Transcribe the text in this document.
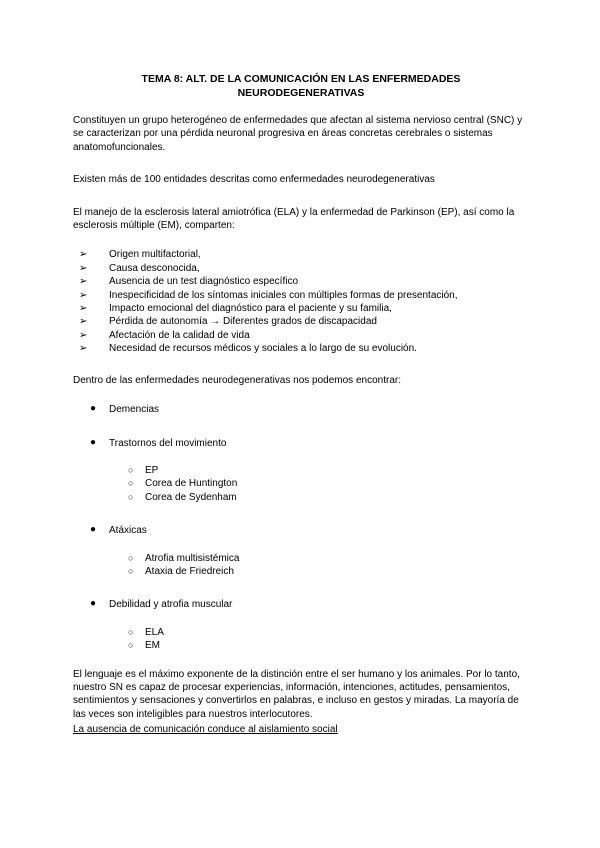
TEMA 8: ALT. DE LA COMUNICACIÓN EN LAS ENFERMEDADES
NEURODEGENERATIVAS

Constituyen un grupo heterogéneo de enfermedades que afectan al sistema nervioso central (SNC) y se caracterizan por una pérdida neuronal progresiva en áreas concretas cerebrales o sistemas anatomofuncionales.

Existen más de 100 entidades descritas como enfermedades neurodegenerativas

El manejo de la esclerosis lateral amiotrófica (ELA) y la enfermedad de Parkinson (EP), así como la esclerosis múltiple (EM), comparten:

➢	Origen multifactorial,
➢	Causa desconocida,
➢	Ausencia de un test diagnóstico específico
➢	Inespecificidad de los síntomas iniciales con múltiples formas de presentación,
➢	Impacto emocional del diagnóstico para el paciente y su familia,
➢	Pérdida de autonomía → Diferentes grados de discapacidad
➢	Afectación de la calidad de vida
➢	Necesidad de recursos médicos y sociales a lo largo de su evolución.

Dentro de las enfermedades neurodegenerativas nos podemos encontrar:

● Demencias
● Trastornos del movimiento
○ EP
○ Corea de Huntington
○ Corea de Sydenham
● Atáxicas
○ Atrofia multisistémica
○ Ataxia de Friedreich
● Debilidad y atrofia muscular
○ ELA
○ EM

El lenguaje es el máximo exponente de la distinción entre el ser humano y los animales. Por lo tanto, nuestro SN es capaz de procesar experiencias, información, intenciones, actitudes, pensamientos, sentimientos y sensaciones y convertirlos en palabras, e incluso en gestos y miradas. La mayoría de las veces son inteligibles para nuestros interlocutores.

La ausencia de comunicación conduce al aislamiento social
